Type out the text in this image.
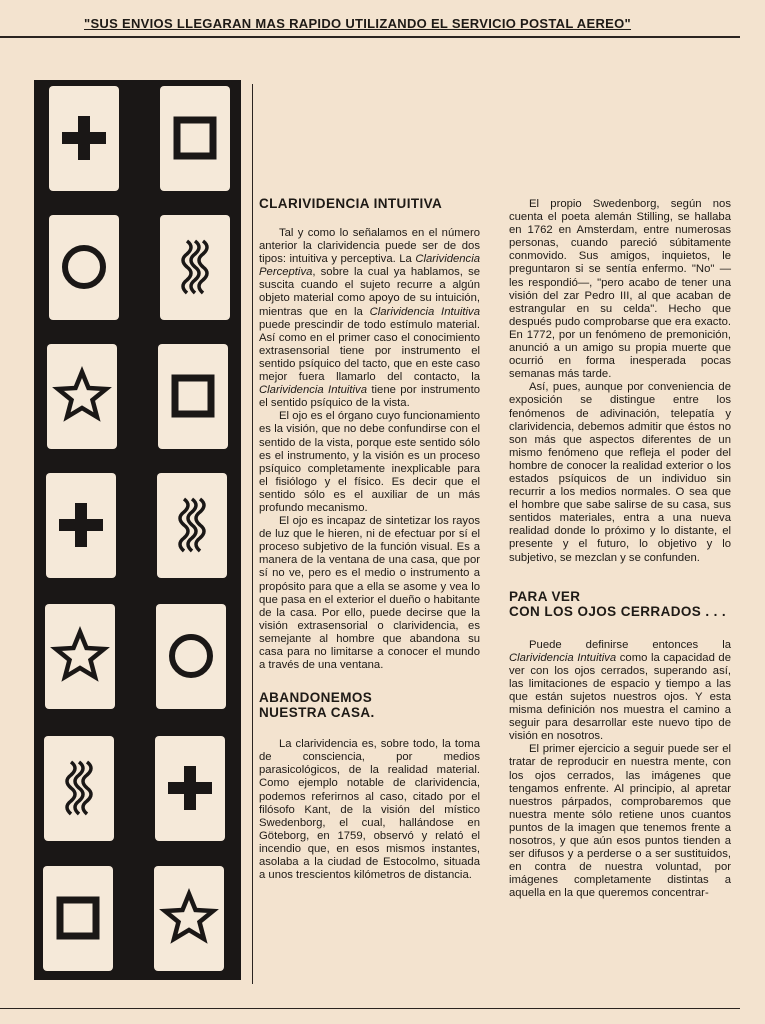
"SUS ENVIOS LLEGARAN MAS RAPIDO UTILIZANDO EL SERVICIO POSTAL AEREO"
CLARIVIDENCIA INTUITIVA

Tal y como lo señalamos en el número anterior la clarividencia puede ser de dos tipos: intuitiva y perceptiva. La Clarividencia Perceptiva, sobre la cual ya hablamos, se suscita cuando el sujeto recurre a algún objeto material como apoyo de su intuición, mientras que en la Clarividencia Intuitiva puede prescindir de todo estímulo material. Así como en el primer caso el conocimiento extrasensorial tiene por instrumento el sentido psíquico del tacto, que en este caso mejor fuera llamarlo del contacto, la Clarividencia Intuitiva tiene por instrumento el sentido psíquico de la vista.

El ojo es el órgano cuyo funcionamiento es la visión, que no debe confundirse con el sentido de la vista, porque este sentido sólo es el instrumento, y la visión es un proceso psíquico completamente inexplicable para el fisiólogo y el físico. Es decir que el sentido sólo es el auxiliar de un más profundo mecanismo.

El ojo es incapaz de sintetizar los rayos de luz que le hieren, ni de efectuar por sí el proceso subjetivo de la función visual. Es a manera de la ventana de una casa, que por sí no ve, pero es el medio o instrumento a propósito para que a ella se asome y vea lo que pasa en el exterior el dueño o habitante de la casa. Por ello, puede decirse que la visión extrasensorial o clarividencia, es semejante al hombre que abandona su casa para no limitarse a conocer el mundo a través de una ventana.

ABANDONEMOS
NUESTRA CASA.

La clarividencia es, sobre todo, la toma de consciencia, por medios parasicológicos, de la realidad material. Como ejemplo notable de clarividencia, podemos referirnos al caso, citado por el filósofo Kant, de la visión del místico Swedenborg, el cual, hallándose en Göteborg, en 1759, observó y relató el incendio que, en esos mismos instantes, asolaba a la ciudad de Estocolmo, situada a unos trescientos kilómetros de distancia.

El propio Swedenborg, según nos cuenta el poeta alemán Stilling, se hallaba en 1762 en Amsterdam, entre numerosas personas, cuando pareció súbitamente conmovido. Sus amigos, inquietos, le preguntaron si se sentía enfermo. "No" —les respondió—, "pero acabo de tener una visión del zar Pedro III, al que acaban de estrangular en su celda". Hecho que después pudo comprobarse que era exacto. En 1772, por un fenómeno de premonición, anunció a un amigo su propia muerte que ocurrió en forma inesperada pocas semanas más tarde.

Así, pues, aunque por conveniencia de exposición se distingue entre los fenómenos de adivinación, telepatía y clarividencia, debemos admitir que éstos no son más que aspectos diferentes de un mismo fenómeno que refleja el poder del hombre de conocer la realidad exterior o los estados psíquicos de un individuo sin recurrir a los medios normales. O sea que el hombre que sabe salirse de su casa, sus sentidos materiales, entra a una nueva realidad donde lo próximo y lo distante, el presente y el futuro, lo objetivo y lo subjetivo, se mezclan y se confunden.

PARA VER
CON LOS OJOS CERRADOS . . .

Puede definirse entonces la Clarividencia Intuitiva como la capacidad de ver con los ojos cerrados, superando así, las limitaciones de espacio y tiempo a las que están sujetos nuestros ojos. Y esta misma definición nos muestra el camino a seguir para desarrollar este nuevo tipo de visión en nosotros.

El primer ejercicio a seguir puede ser el tratar de reproducir en nuestra mente, con los ojos cerrados, las imágenes que tengamos enfrente. Al principio, al apretar nuestros párpados, comprobaremos que nuestra mente sólo retiene unos cuantos puntos de la imagen que tenemos frente a nosotros, y que aún esos puntos tienden a ser difusos y a perderse o a ser sustituidos, en contra de nuestra voluntad, por imágenes completamente distintas a aquella en la que queremos concentrar-
